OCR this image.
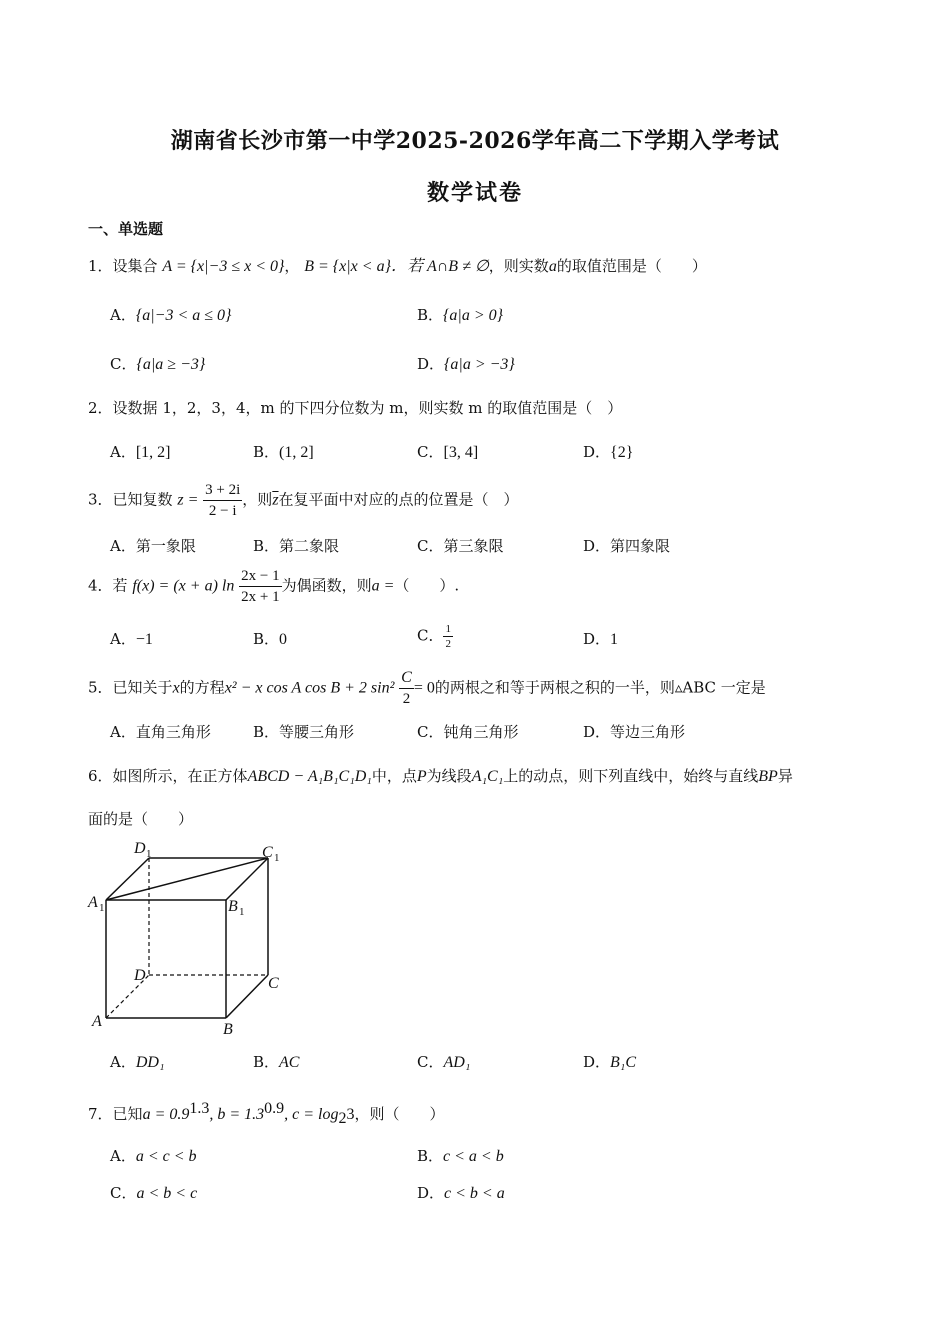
湖南省长沙市第一中学2025-2026学年高二下学期入学考试
数学试卷
一、单选题
1．设集合 A = {x|−3 ≤ x < 0}， B = {x|x < a}．若 A∩B ≠ ∅，则实数a的取值范围是（　　）
A．{a|−3 < a ≤ 0}	B．{a|a > 0}
C．{a|a ≥ −3}	D．{a|a > −3}
2．设数据 1，2，3，4，m 的下四分位数为 m，则实数 m 的取值范围是（　）
A．[1, 2]	B．(1, 2]	C．[3, 4]	D．{2}
3．已知复数 $z = \frac{3 + 2i}{2 - i}$ ，则$\overline{z}$在复平面中对应的点的位置是（　）
A．第一象限	B．第二象限	C．第三象限	D．第四象限
4．若 f(x) = (x + a) $\ln \frac{2x - 1}{2x + 1}$ 为偶函数，则a =（　　）.
A．−1	B．0	C． $\frac{1}{2}$	D．1
5．已知关于x的方程x² − x cos A cos B + 2 $\sin^2 \frac{C}{2} = 0$的两根之和等于两根之积的一半，则▵ABC 一定是
A．直角三角形	B．等腰三角形	C．钝角三角形	D．等边三角形
6．如图所示，在正方体ABCD − A₁B₁C₁D₁中，点P为线段A₁C₁上的动点，则下列直线中，始终与直线BP异
面的是（　　）
D 1	C 1
A 1	B 1
D	C
A	B
A．DD₁	B．AC	C．AD₁	D．B₁C
7．已知$a = 0.9^{1.3}$, $b = 1.3^{0.9}$, $c = \log_23$，则（　　）
A．a < c < b	B．c < a < b
C．a < b < c	D．c < b < a
